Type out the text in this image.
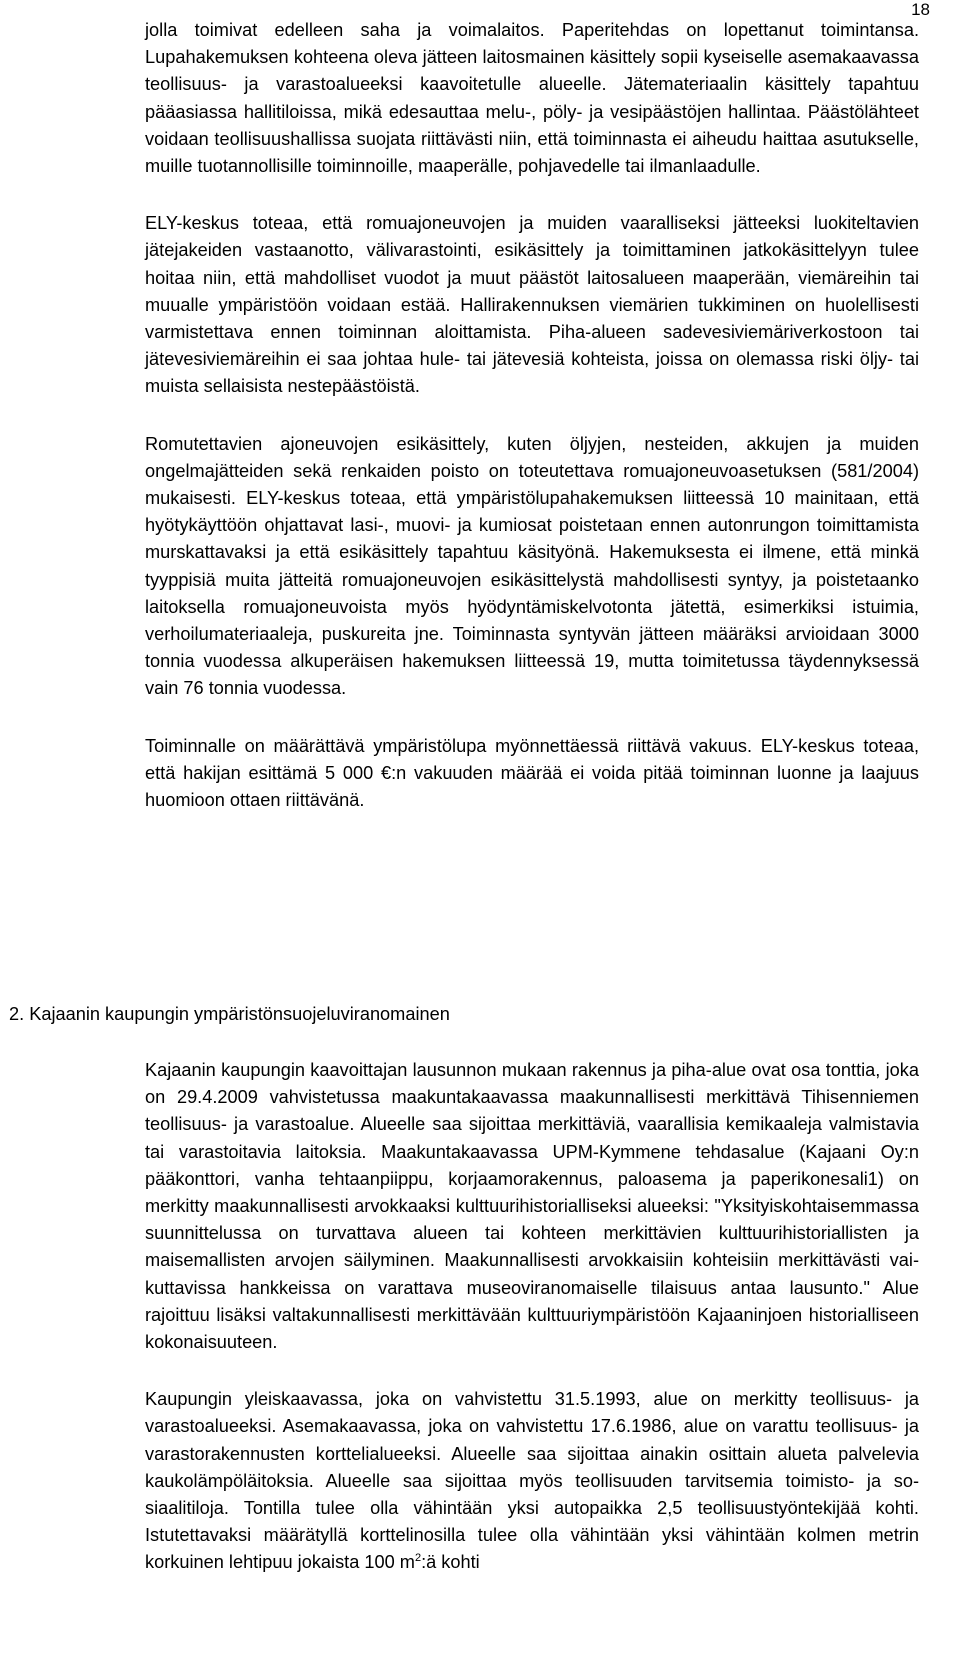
18

jolla toimivat edelleen saha ja voimalaitos. Paperitehdas on lopettanut toimintansa. Lupahakemuksen kohteena oleva jätteen laitosmainen käsittely sopii kyseiselle asemakaavassa teollisuus- ja varastoalueeksi kaavoitetulle alueelle. Jätemateriaalin käsittely tapahtuu pääasiassa hallitiloissa, mikä edesauttaa melu-, pöly- ja vesipäästöjen hallintaa. Päästölähteet voidaan teollisuushallissa suojata riittävästi niin, että toiminnasta ei aiheudu haittaa asutukselle, muille tuotannollisille toiminnoille, maaperälle, pohjavedelle tai ilmanlaadulle.

ELY-keskus toteaa, että romuajoneuvojen ja muiden vaaralliseksi jätteeksi luokiteltavien jätejakeiden vastaanotto, välivarastointi, esikäsittely ja toimittaminen jatkokäsittelyyn tulee hoitaa niin, että mahdolliset vuodot ja muut päästöt laitosalueen maaperään, viemäreihin tai muualle ympäristöön voidaan estää. Hallirakennuksen viemärien tukkiminen on huolellisesti varmistettava ennen toiminnan aloittamista. Piha-alueen sadevesiviemäriverkostoon tai jätevesiviemäreihin ei saa johtaa hule- tai jätevesiä kohteista, joissa on olemassa riski öljy- tai muista sellaisista nestepäästöistä.

Romutettavien ajoneuvojen esikäsittely, kuten öljyjen, nesteiden, akkujen ja muiden ongelmajätteiden sekä renkaiden poisto on toteutettava romuajoneuvoasetuksen (581/2004) mukaisesti. ELY-keskus toteaa, että ympäristölupahakemuksen liitteessä 10 mainitaan, että hyötykäyttöön ohjattavat lasi-, muovi- ja kumiosat poistetaan ennen autonrungon toimittamista murskattavaksi ja että esikäsittely tapahtuu käsityönä. Hakemuksesta ei ilmene, että minkä tyyppisiä muita jätteitä romuajoneuvojen esikäsittelystä mahdollisesti syntyy, ja poistetaanko laitoksella romuajoneuvoista myös hyödyntämiskelvotonta jätettä, esimerkiksi istuimia, verhoilumateriaaleja, puskureita jne. Toiminnasta syntyvän jätteen määräksi arvioidaan 3000 tonnia vuodessa alkuperäisen hakemuksen liitteessä 19, mutta toimitetussa täydennyksessä vain 76 tonnia vuodessa.

Toiminnalle on määrättävä ympäristölupa myönnettäessä riittävä vakuus. ELY-keskus toteaa, että hakijan esittämä 5 000 €:n vakuuden määrää ei voida pitää toiminnan luonne ja laajuus huomioon ottaen riittävänä.

2. Kajaanin kaupungin ympäristönsuojeluviranomainen

Kajaanin kaupungin kaavoittajan lausunnon mukaan rakennus ja piha-alue ovat osa tonttia, joka on 29.4.2009 vahvistetussa maakuntakaavassa maakunnallisesti merkittävä Tihisenniemen teollisuus- ja varastoalue. Alueelle saa sijoittaa merkittäviä, vaarallisia kemikaaleja valmistavia tai varastoitavia laitoksia. Maakuntakaavassa UPM-Kymmene tehdasalue (Kajaani Oy:n pääkonttori, vanha tehtaanpiippu, korjaamorakennus, paloasema ja paperikonesali1) on merkitty maakunnallisesti arvokkaaksi kulttuurihistorialliseksi alueeksi: "Yksityiskohtaisemmassa suunnittelussa on turvattava alueen tai kohteen merkittävien kulttuurihistoriallisten ja maisemallisten arvojen säilyminen. Maakunnallisesti arvokkaisiin kohteisiin merkittävästi vaikuttavissa hankkeissa on varattava museoviranomaiselle tilaisuus antaa lausunto." Alue rajoittuu lisäksi valtakunnallisesti merkittävään kulttuuriympäristöön Kajaaninjoen historialliseen kokonaisuuteen.

Kaupungin yleiskaavassa, joka on vahvistettu 31.5.1993, alue on merkitty teollisuus- ja varastoalueeksi. Asemakaavassa, joka on vahvistettu 17.6.1986, alue on varattu teollisuus- ja varastorakennusten korttelialueeksi. Alueelle saa sijoittaa ainakin osittain alueta palvelevia kaukolämpöläitoksia. Alueelle saa sijoittaa myös teollisuuden tarvitsemia toimisto- ja sosiaalitiloja. Tontilla tulee olla vähintään yksi autopaikka 2,5 teollisuustyöntekijää kohti. Istutettavaksi määrätyllä korttelinosilla tulee olla vähintään yksi vähintään kolmen metrin korkuinen lehtipuu jokaista 100 $m^2:ä$ kohti
